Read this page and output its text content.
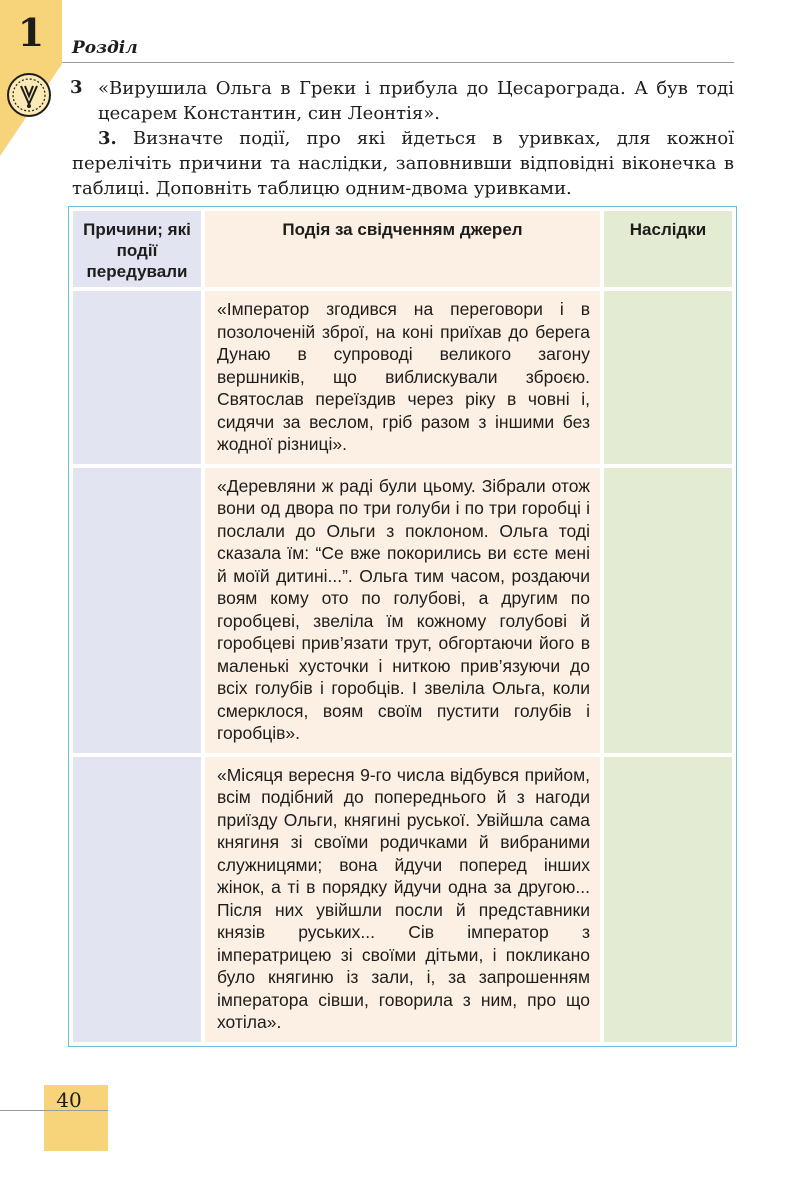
1	Розділ
3 «Вирушила Ольга в Греки і прибула до Цесарограда. А був тоді цесарем Константин, син Леонтія».
3. Визначте події, про які йдеться в уривках, для кожної перелічіть причини та наслідки, заповнивши відповідні віконечка в таблиці. Доповніть таблицю одним-двома уривками.
Причини; які події передували	Подія за свідченням джерел	Наслідки

	«Імператор згодився на переговори і в позолоченій зброї, на коні приїхав до берега Дунаю в супроводі великого загону вершників, що виблискували зброєю. Святослав переїздив через ріку в човні і, сидячи за веслом, гріб разом з іншими без жодної різниці».	

	«Деревляни ж раді були цьому. Зібрали отож вони од двора по три голуби і по три горобці і послали до Ольги з поклоном. Ольга тоді сказала їм: “Се вже покорились ви єсте мені й моїй дитині...”. Ольга тим часом, роздаючи воям кому ото по голубові, а другим по горобцеві, звеліла їм кожному голубові й горобцеві прив’язати трут, обгортаючи його в маленькі хусточки і ниткою прив’язуючи до всіх голубів і горобців. І звеліла Ольга, коли смерклося, воям своїм пустити голубів і горобців».	

	«Місяця вересня 9-го числа відбувся прийом, всім подібний до попереднього й з нагоди приїзду Ольги, княгині руської. Увійшла сама княгиня зі своїми родичками й вибраними служницями; вона йдучи поперед інших жінок, а ті в порядку йдучи одна за другою... Після них увійшли посли й представники князів руських... Сів імператор з імператрицею зі своїми дітьми, і покликано було княгиню із зали, і, за запрошенням імператора сівши, говорила з ним, про що хотіла».	

40
